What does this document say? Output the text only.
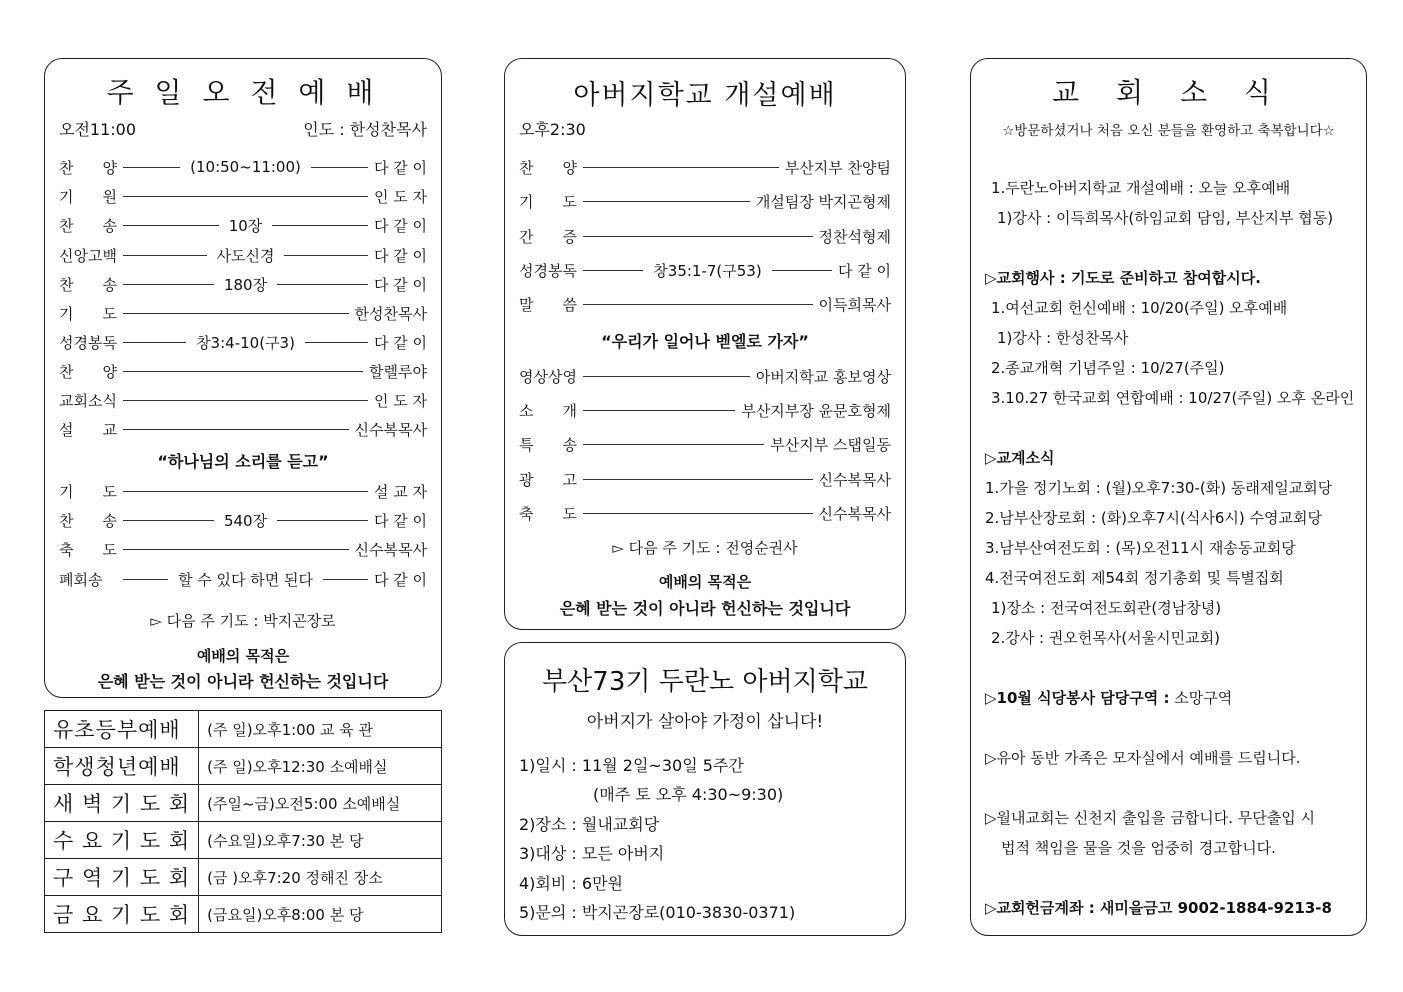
주 일 오 전 예 배
오전11:00	인도 : 한성찬목사
찬 양	(10:50~11:00)	다 같 이
기 원	인 도 자
찬 송	10장	다 같 이
신앙고백	사도신경	다 같 이
찬 송	180장	다 같 이
기 도	한성찬목사
성경봉독	창3:4-10(구3)	다 같 이
찬 양	할렐루야
교회소식	인 도 자
설 교	신수복목사
“하나님의 소리를 듣고”
기 도	설 교 자
찬 송	540장	다 같 이
축 도	신수복목사
폐회송	할 수 있다 하면 된다	다 같 이
▻ 다음 주 기도 : 박지곤장로
예배의 목적은
은혜 받는 것이 아니라 헌신하는 것입니다
유초등부예배	(주 일)오후1:00 교 육 관
학생청년예배	(주 일)오후12:30 소예배실
새 벽 기 도 회	(주일~금)오전5:00 소예배실
수 요 기 도 회	(수요일)오후7:30 본 당
구 역 기 도 회	(금 )오후7:20 정해진 장소
금 요 기 도 회	(금요일)오후8:00 본 당
아버지학교 개설예배
오후2:30
찬 양	부산지부 찬양팀
기 도	개설팀장 박지곤형제
간 증	정찬석형제
성경봉독	창35:1-7(구53)	다 같 이
말 씀	이득희목사
“우리가 일어나 벧엘로 가자”
영상상영	아버지학교 홍보영상
소 개	부산지부장 윤문호형제
특 송	부산지부 스탭일동
광 고	신수복목사
축 도	신수복목사
▻ 다음 주 기도 : 전영순권사
예배의 목적은
은혜 받는 것이 아니라 헌신하는 것입니다
부산73기 두란노 아버지학교
아버지가 살아야 가정이 삽니다!
1)일시 : 11월 2일~30일 5주간
(매주 토 오후 4:30~9:30)
2)장소 : 월내교회당
3)대상 : 모든 아버지
4)회비 : 6만원
5)문의 : 박지곤장로(010-3830-0371)
교 회 소 식
☆방문하셨거나 처음 오신 분들을 환영하고 축복합니다☆
1.두란노아버지학교 개설예배 : 오늘 오후예배
1)강사 : 이득희목사(하임교회 담임, 부산지부 협동)
▷교회행사 : 기도로 준비하고 참여합시다.
1.여선교회 헌신예배 : 10/20(주일) 오후예배
1)강사 : 한성찬목사
2.종교개혁 기념주일 : 10/27(주일)
3.10.27 한국교회 연합예배 : 10/27(주일) 오후 온라인
▷교계소식
1.가을 정기노회 : (월)오후7:30-(화) 동래제일교회당
2.남부산장로회 : (화)오후7시(식사6시) 수영교회당
3.남부산여전도회 : (목)오전11시 재송동교회당
4.전국여전도회 제54회 정기총회 및 특별집회
1)장소 : 전국여전도회관(경남창녕)
2.강사 : 권오헌목사(서울시민교회)
▷10월 식당봉사 담당구역 : 소망구역
▷유아 동반 가족은 모자실에서 예배를 드립니다.
▷월내교회는 신천지 출입을 금합니다. 무단출입 시
법적 책임을 물을 것을 엄중히 경고합니다.
▷교회헌금계좌 : 새미을금고 9002-1884-9213-8
